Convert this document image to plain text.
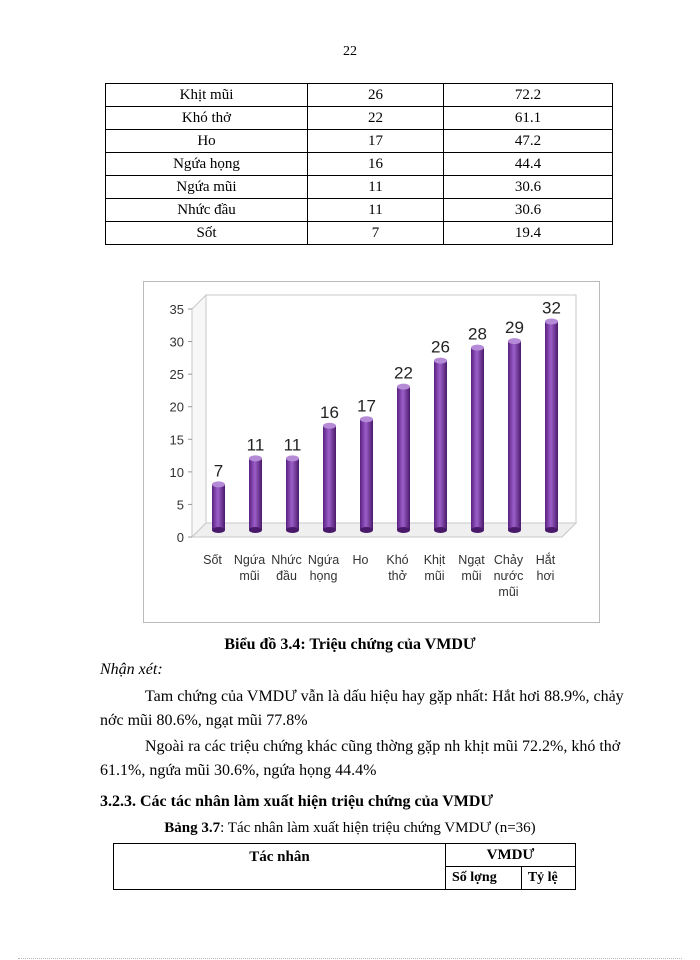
22
Khịt mũi	26	72.2
Khó thở	22	61.1
Ho	17	47.2
Ngứa họng	16	44.4
Ngứa mũi	11	30.6
Nhức đầu	11	30.6
Sốt	7	19.4
0
5
10
15
20
25
30
35
7
Sốt
11
Ngứa
mũi
11
Nhức
đầu
16
Ngứa
họng
17
Ho
22
Khó
thở
26
Khịt
mũi
28
Ngạt
mũi
29
Chảy
nước
mũi
32
Hắt
hơi
Biểu đồ 3.4: Triệu chứng của VMDƯ
Nhận xét:
Tam chứng của VMDƯ vẫn là dấu hiệu hay gặp nhất: Hắt hơi 88.9%, chảy
nớc mũi 80.6%, ngạt mũi 77.8%
Ngoài ra các triệu chứng khác cũng thờng gặp nh khịt mũi 72.2%, khó thở
61.1%, ngứa mũi 30.6%, ngứa họng 44.4%
3.2.3. Các tác nhân làm xuất hiện triệu chứng của VMDƯ
Bảng 3.7: Tác nhân làm xuất hiện triệu chứng VMDƯ (n=36)
Tác nhân	VMDƯ	
	Số lợng	Tỷ lệ
